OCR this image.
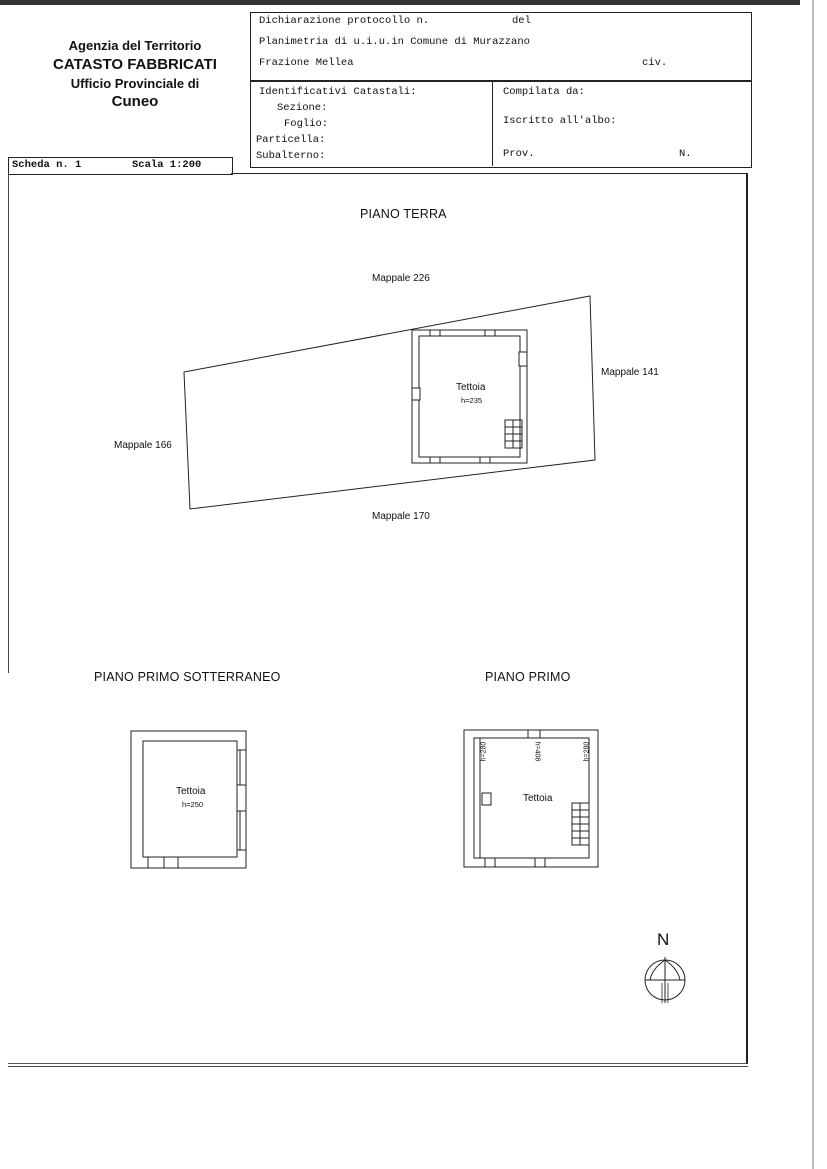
Agenzia del Territorio
CATASTO FABBRICATI
Ufficio Provinciale di
Cuneo
Dichiarazione protocollo n.	del
Planimetria di u.i.u.in Comune di Murazzano
Frazione Mellea	civ.
Identificativi Catastali:
Sezione:
Foglio:
Particella:
Subalterno:
Compilata da:
Iscritto all'albo:
Prov.	N.
Scheda n. 1	Scala 1:200
PIANO TERRA
Mappale 226
Mappale 141
Mappale 166
Mappale 170
Tettoia
h=235
PIANO PRIMO SOTTERRANEO
Tettoia
h=250
PIANO PRIMO
Tettoia
h=280	h=408	h=280
N
